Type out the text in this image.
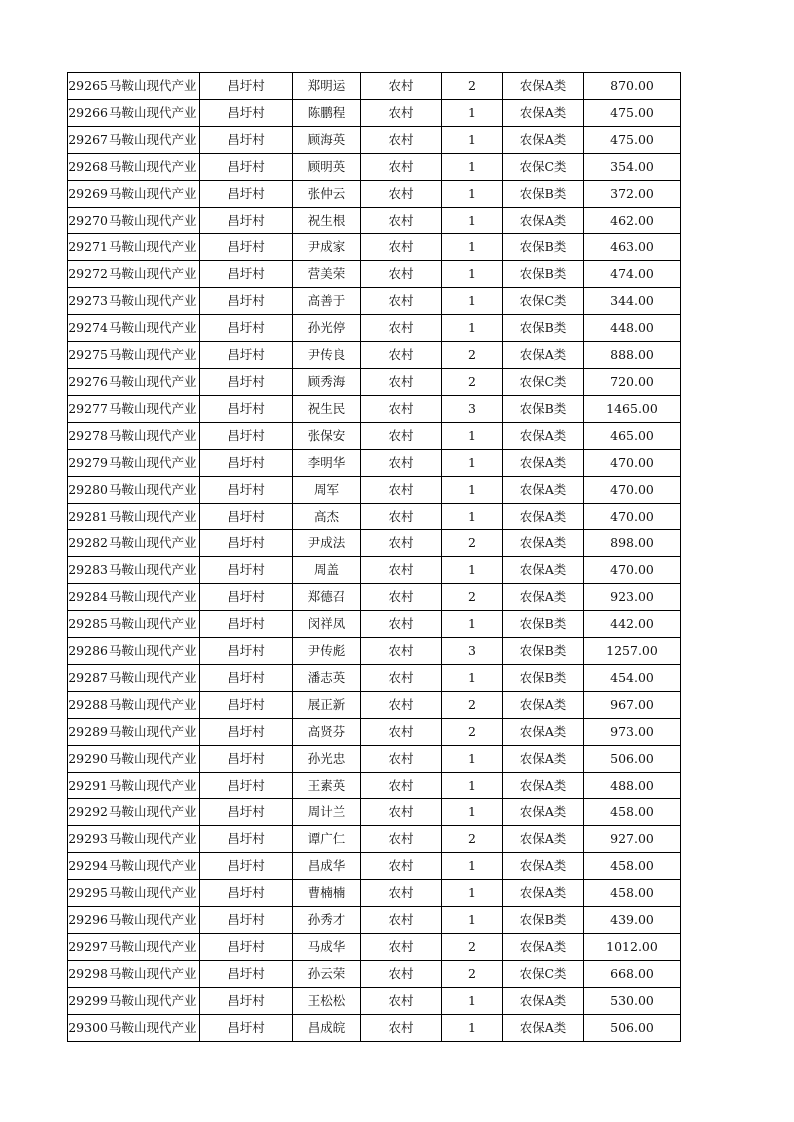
29265	马鞍山现代产业	昌圩村	郑明运	农村	2	农保A类	870.00
29266	马鞍山现代产业	昌圩村	陈鹏程	农村	1	农保A类	475.00
29267	马鞍山现代产业	昌圩村	顾海英	农村	1	农保A类	475.00
29268	马鞍山现代产业	昌圩村	顾明英	农村	1	农保C类	354.00
29269	马鞍山现代产业	昌圩村	张仲云	农村	1	农保B类	372.00
29270	马鞍山现代产业	昌圩村	祝生根	农村	1	农保A类	462.00
29271	马鞍山现代产业	昌圩村	尹成家	农村	1	农保B类	463.00
29272	马鞍山现代产业	昌圩村	营美荣	农村	1	农保B类	474.00
29273	马鞍山现代产业	昌圩村	高善于	农村	1	农保C类	344.00
29274	马鞍山现代产业	昌圩村	孙光停	农村	1	农保B类	448.00
29275	马鞍山现代产业	昌圩村	尹传良	农村	2	农保A类	888.00
29276	马鞍山现代产业	昌圩村	顾秀海	农村	2	农保C类	720.00
29277	马鞍山现代产业	昌圩村	祝生民	农村	3	农保B类	1465.00
29278	马鞍山现代产业	昌圩村	张保安	农村	1	农保A类	465.00
29279	马鞍山现代产业	昌圩村	李明华	农村	1	农保A类	470.00
29280	马鞍山现代产业	昌圩村	周军	农村	1	农保A类	470.00
29281	马鞍山现代产业	昌圩村	高杰	农村	1	农保A类	470.00
29282	马鞍山现代产业	昌圩村	尹成法	农村	2	农保A类	898.00
29283	马鞍山现代产业	昌圩村	周盖	农村	1	农保A类	470.00
29284	马鞍山现代产业	昌圩村	郑德召	农村	2	农保A类	923.00
29285	马鞍山现代产业	昌圩村	闵祥凤	农村	1	农保B类	442.00
29286	马鞍山现代产业	昌圩村	尹传彪	农村	3	农保B类	1257.00
29287	马鞍山现代产业	昌圩村	潘志英	农村	1	农保B类	454.00
29288	马鞍山现代产业	昌圩村	展正新	农村	2	农保A类	967.00
29289	马鞍山现代产业	昌圩村	高贤芬	农村	2	农保A类	973.00
29290	马鞍山现代产业	昌圩村	孙光忠	农村	1	农保A类	506.00
29291	马鞍山现代产业	昌圩村	王素英	农村	1	农保A类	488.00
29292	马鞍山现代产业	昌圩村	周计兰	农村	1	农保A类	458.00
29293	马鞍山现代产业	昌圩村	谭广仁	农村	2	农保A类	927.00
29294	马鞍山现代产业	昌圩村	昌成华	农村	1	农保A类	458.00
29295	马鞍山现代产业	昌圩村	曹楠楠	农村	1	农保A类	458.00
29296	马鞍山现代产业	昌圩村	孙秀才	农村	1	农保B类	439.00
29297	马鞍山现代产业	昌圩村	马成华	农村	2	农保A类	1012.00
29298	马鞍山现代产业	昌圩村	孙云荣	农村	2	农保C类	668.00
29299	马鞍山现代产业	昌圩村	王松松	农村	1	农保A类	530.00
29300	马鞍山现代产业	昌圩村	昌成皖	农村	1	农保A类	506.00
